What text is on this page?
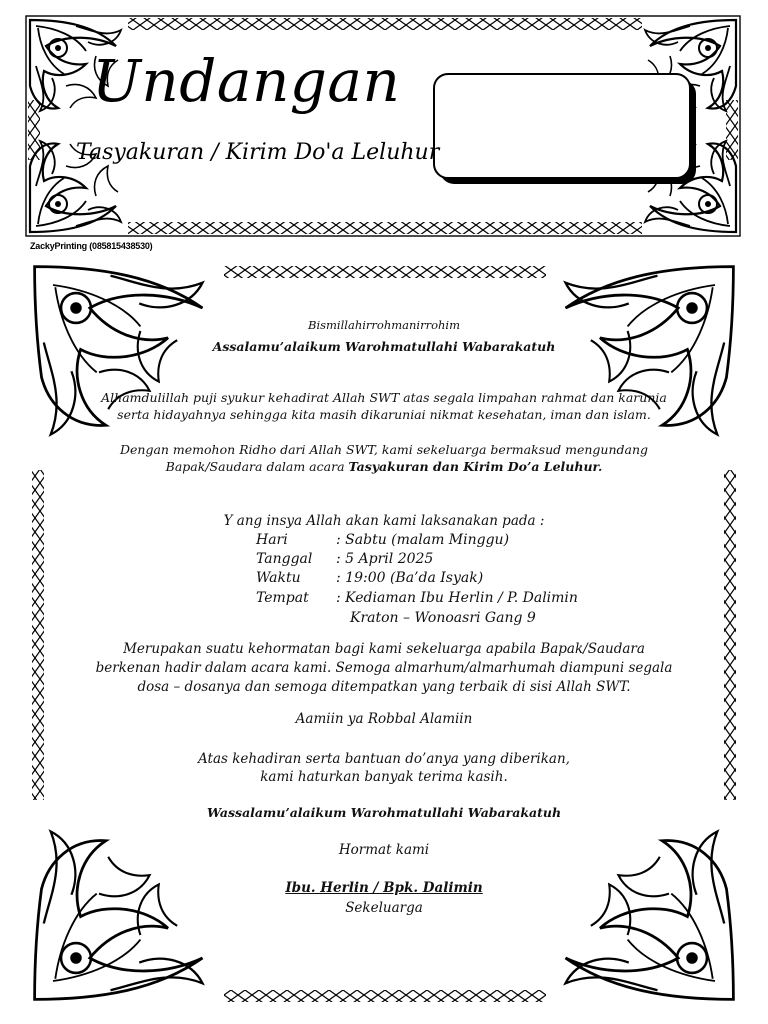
Undangan
Tasyakuran / Kirim Do'a Leluhur
ZackyPrinting (085815438530)
Bismillahirrohmanirrohim
Assalamu’alaikum Warohmatullahi Wabarakatuh
Alhamdulillah puji syukur kehadirat Allah SWT atas segala limpahan rahmat dan karunia
serta hidayahnya sehingga kita masih dikaruniai nikmat kesehatan, iman dan islam.
Dengan memohon Ridho dari Allah SWT, kami sekeluarga bermaksud mengundang
Bapak/Saudara dalam acara Tasyakuran dan Kirim Do’a Leluhur.
Y ang insya Allah akan kami laksanakan pada :
Hari	: Sabtu (malam Minggu)
Tanggal : 5 April 2025
Waktu	: 19:00 (Ba’da Isyak)
Tempat : Kediaman Ibu Herlin / P. Dalimin
Kraton – Wonoasri Gang 9
Merupakan suatu kehormatan bagi kami sekeluarga apabila Bapak/Saudara
berkenan hadir dalam acara kami. Semoga almarhum/almarhumah diampuni segala
dosa – dosanya dan semoga ditempatkan yang terbaik di sisi Allah SWT.
Aamiin ya Robbal Alamiin
Atas kehadiran serta bantuan do’anya yang diberikan,
kami haturkan banyak terima kasih.
Wassalamu’alaikum Warohmatullahi Wabarakatuh
Hormat kami
Ibu. Herlin / Bpk. Dalimin
Sekeluarga
